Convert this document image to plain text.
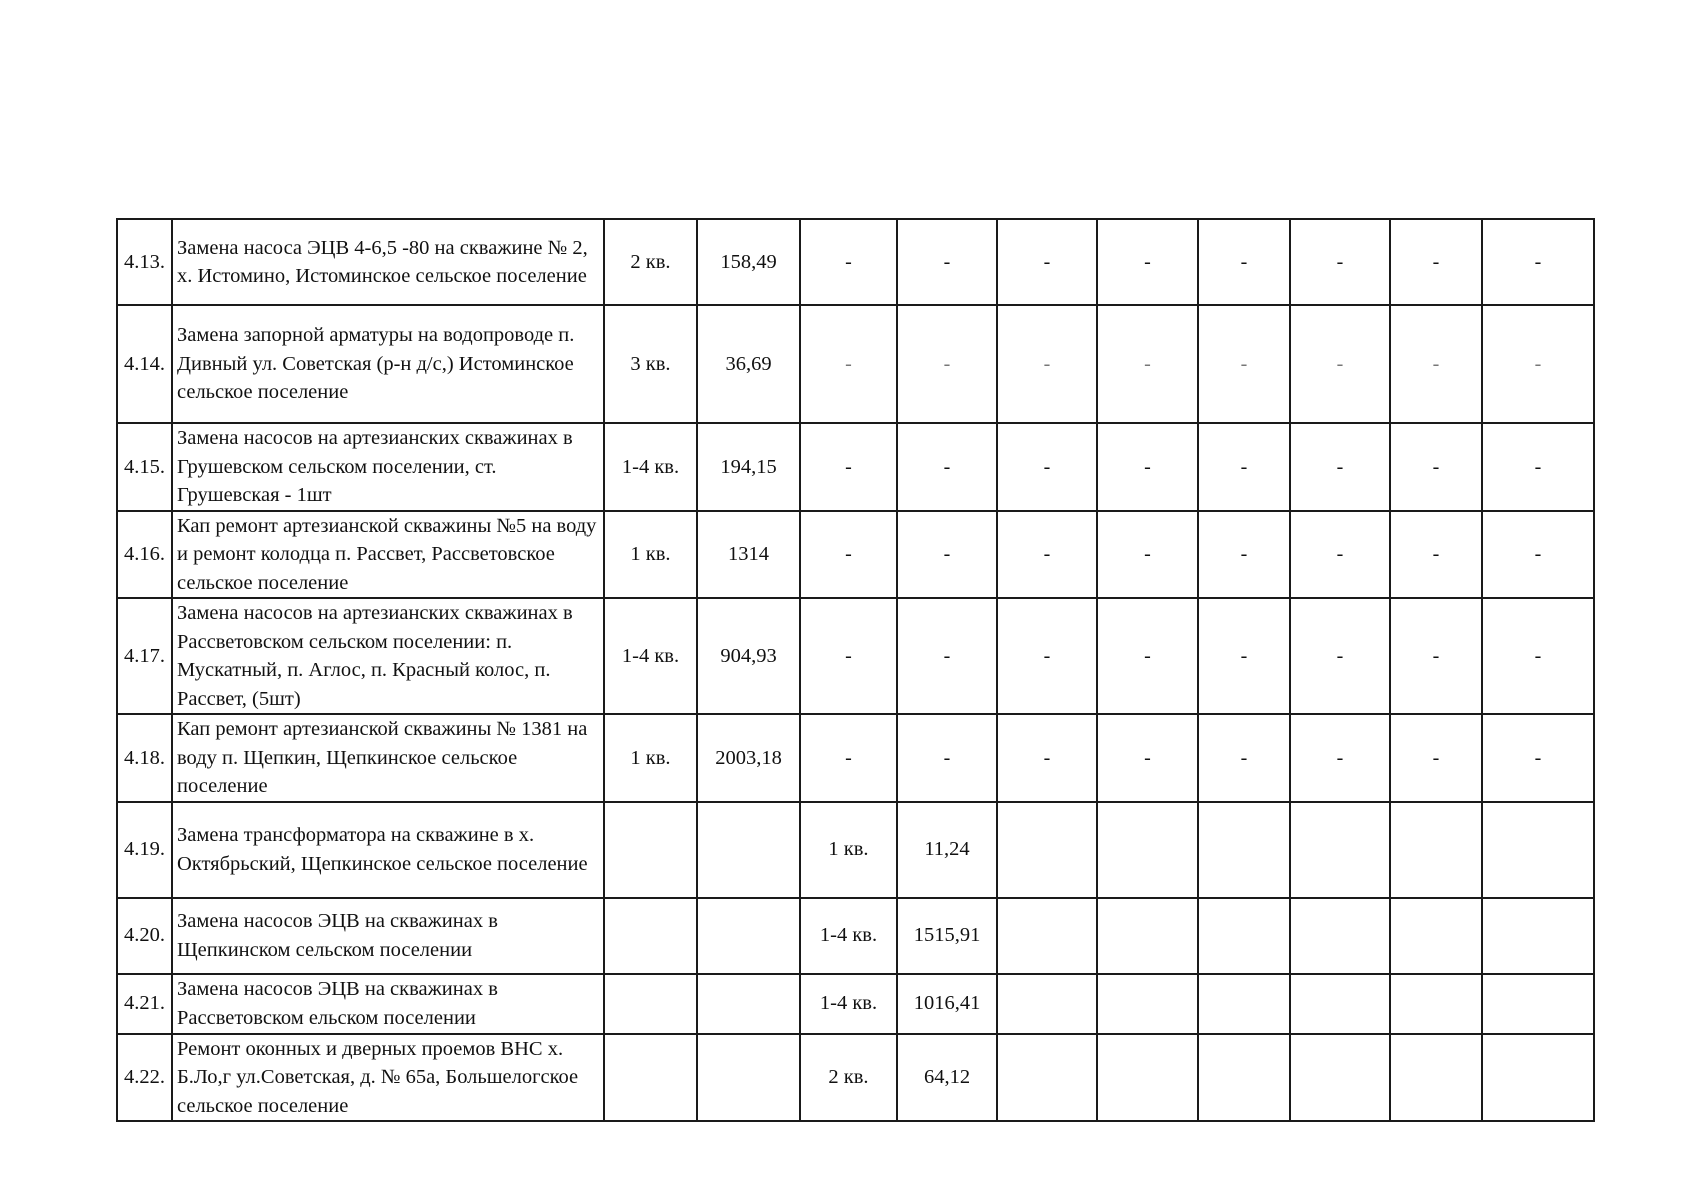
4.13.	Замена насоса ЭЦВ 4-6,5 -80 на скважине № 2, х. Истомино, Истоминское сельское поселение	2 кв.	158,49	-	-	-	-	-	-	-	-
4.14.	Замена запорной арматуры на водопроводе п. Дивный ул. Советская (р-н д/с,) Истоминское сельское поселение	3 кв.	36,69	-	-	-	-	-	-	-	-
4.15.	Замена насосов на артезианских скважинах в Грушевском сельском поселении, ст. Грушевская - 1шт	1-4 кв.	194,15	-	-	-	-	-	-	-	-
4.16.	Кап ремонт артезианской скважины №5 на воду и ремонт колодца п. Рассвет, Рассветовское сельское поселение	1 кв.	1314	-	-	-	-	-	-	-	-
4.17.	Замена насосов на артезианских скважинах в Рассветовском сельском поселении: п. Мускатный, п. Аглос, п. Красный колос, п. Рассвет, (5шт)	1-4 кв.	904,93	-	-	-	-	-	-	-	-
4.18.	Кап ремонт артезианской скважины № 1381 на воду п. Щепкин, Щепкинское сельское поселение	1 кв.	2003,18	-	-	-	-	-	-	-	-
4.19.	Замена трансформатора на скважине в х. Октябрьский, Щепкинское сельское поселение			1 кв.	11,24						
4.20.	Замена насосов ЭЦВ на скважинах в Щепкинском сельском поселении			1-4 кв.	1515,91						
4.21.	Замена насосов ЭЦВ на скважинах в Рассветовском ельском поселении			1-4 кв.	1016,41						
4.22.	Ремонт оконных и дверных проемов ВНС х. Б.Ло,г ул.Советская, д. № 65а, Большелогское сельское поселение			2 кв.	64,12						
